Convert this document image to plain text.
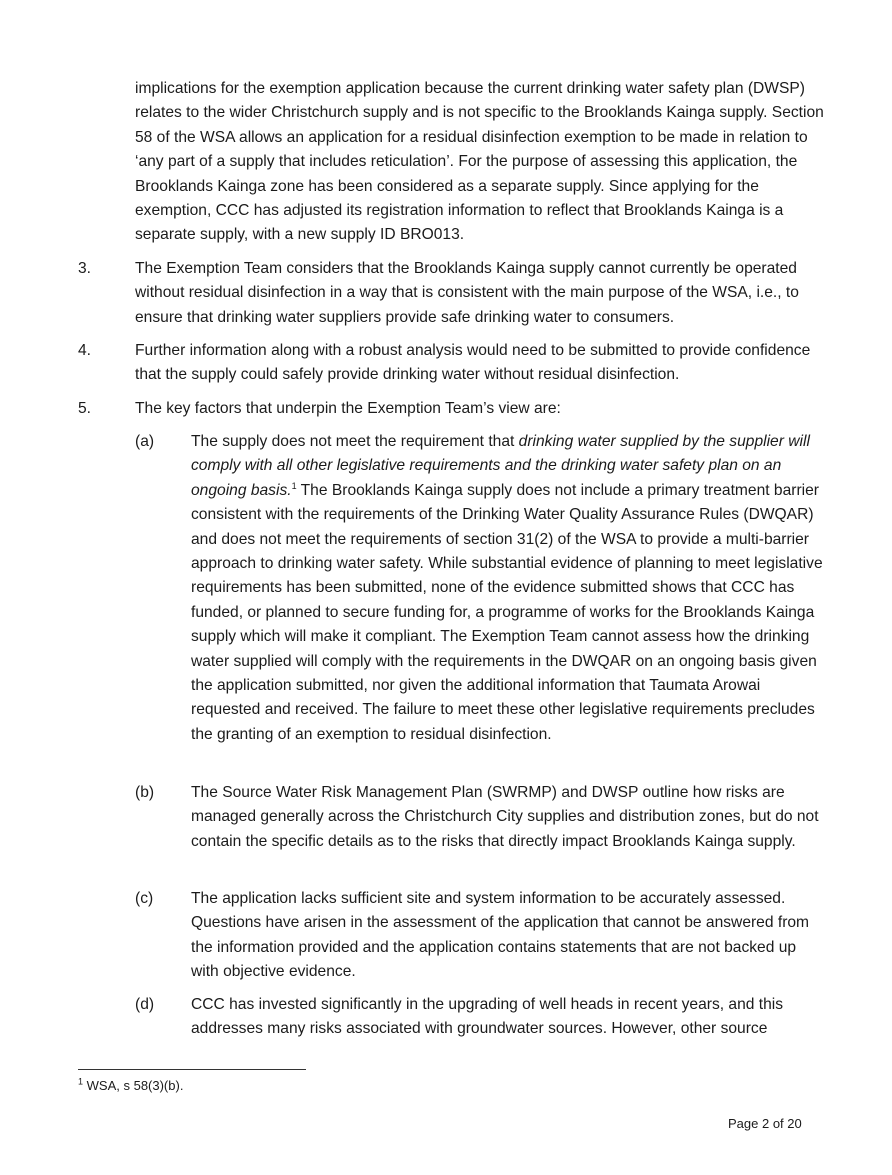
implications for the exemption application because the current drinking water safety plan (DWSP) relates to the wider Christchurch supply and is not specific to the Brooklands Kainga supply. Section 58 of the WSA allows an application for a residual disinfection exemption to be made in relation to ‘any part of a supply that includes reticulation’. For the purpose of assessing this application, the Brooklands Kainga zone has been considered as a separate supply. Since applying for the exemption, CCC has adjusted its registration information to reflect that Brooklands Kainga is a separate supply, with a new supply ID BRO013.

3.	The Exemption Team considers that the Brooklands Kainga supply cannot currently be operated without residual disinfection in a way that is consistent with the main purpose of the WSA, i.e., to ensure that drinking water suppliers provide safe drinking water to consumers.
4.	Further information along with a robust analysis would need to be submitted to provide confidence that the supply could safely provide drinking water without residual disinfection.
5.	The key factors that underpin the Exemption Team’s view are:
(a) The supply does not meet the requirement that drinking water supplied by the supplier will comply with all other legislative requirements and the drinking water safety plan on an ongoing basis.$^1$ The Brooklands Kainga supply does not include a primary treatment barrier consistent with the requirements of the Drinking Water Quality Assurance Rules (DWQAR) and does not meet the requirements of section 31(2) of the WSA to provide a multi-barrier approach to drinking water safety. While substantial evidence of planning to meet legislative requirements has been submitted, none of the evidence submitted shows that CCC has funded, or planned to secure funding for, a programme of works for the Brooklands Kainga supply which will make it compliant. The Exemption Team cannot assess how the drinking water supplied will comply with the requirements in the DWQAR on an ongoing basis given the application submitted, nor given the additional information that Taumata Arowai requested and received. The failure to meet these other legislative requirements precludes the granting of an exemption to residual disinfection.
(b) The Source Water Risk Management Plan (SWRMP) and DWSP outline how risks are managed generally across the Christchurch City supplies and distribution zones, but do not contain the specific details as to the risks that directly impact Brooklands Kainga supply.
(c) The application lacks sufficient site and system information to be accurately assessed. Questions have arisen in the assessment of the application that cannot be answered from the information provided and the application contains statements that are not backed up with objective evidence.
(d) CCC has invested significantly in the upgrading of well heads in recent years, and this addresses many risks associated with groundwater sources. However, other source
$^1$ WSA, s 58(3)(b).
Page 2 of 20
